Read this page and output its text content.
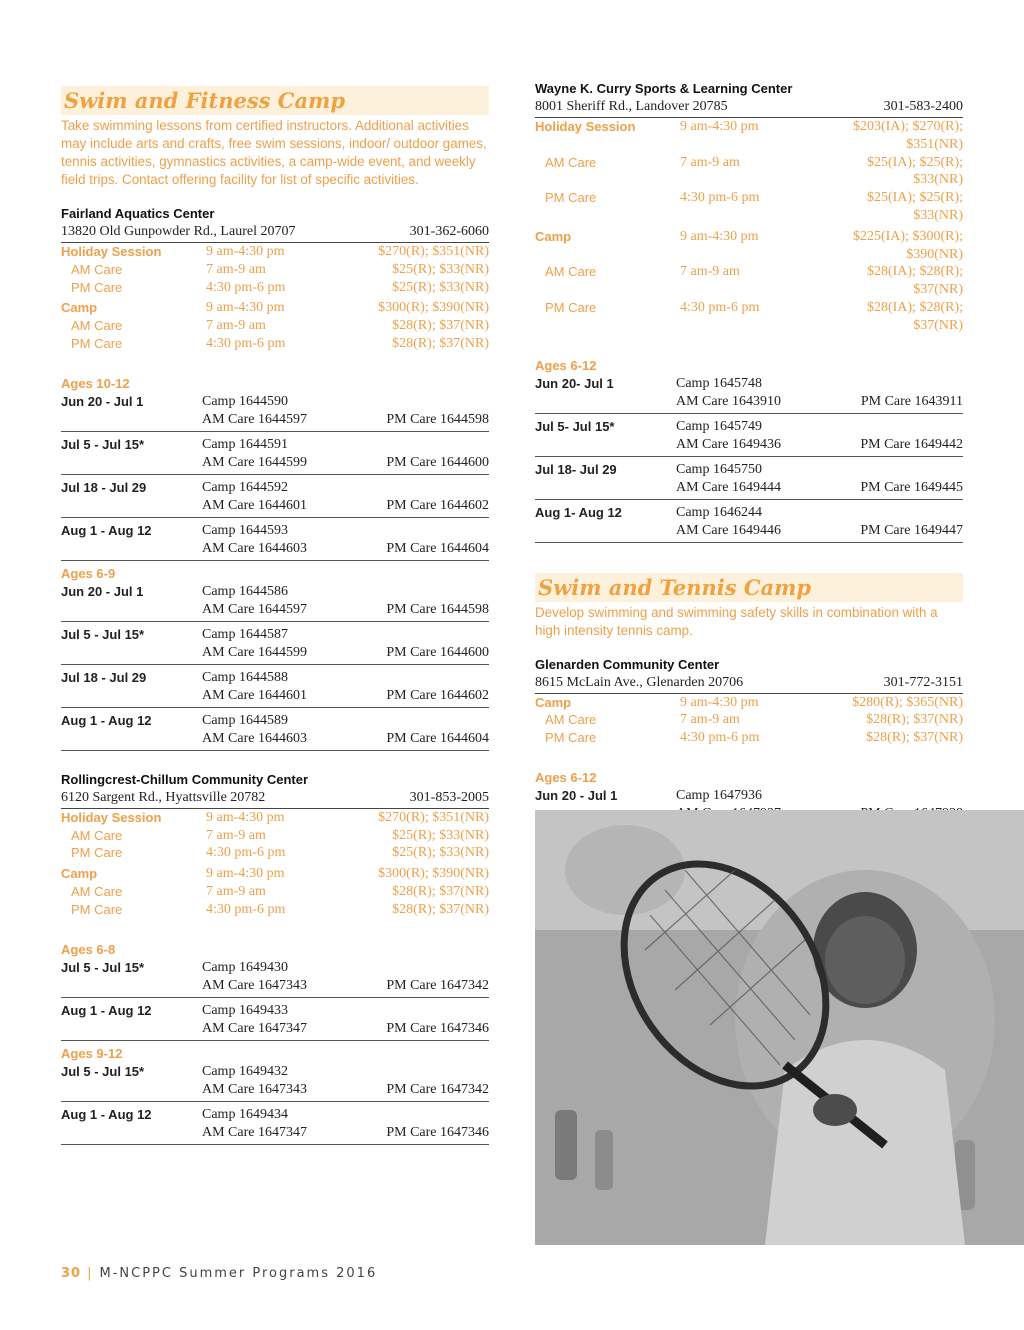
Swim and Fitness Camp
Take swimming lessons from certified instructors. Additional activities may include arts and crafts, free swim sessions, indoor/ outdoor games, tennis activities, gymnastics activities, a camp-wide event, and weekly field trips. Contact offering facility for list of specific activities.
Fairland Aquatics Center
13820 Old Gunpowder Rd., Laurel 20707	301-362-6060
Holiday Session	9 am-4:30 pm	$270(R); $351(NR)
AM Care	7 am-9 am	$25(R); $33(NR)
PM Care	4:30 pm-6 pm	$25(R); $33(NR)
Camp	9 am-4:30 pm	$300(R); $390(NR)
AM Care	7 am-9 am	$28(R); $37(NR)
PM Care	4:30 pm-6 pm	$28(R); $37(NR)
Ages 10-12
Jun 20 - Jul 1	Camp 1644590
AM Care 1644597	PM Care 1644598
Jul 5 - Jul 15*	Camp 1644591
AM Care 1644599	PM Care 1644600
Jul 18 - Jul 29	Camp 1644592
AM Care 1644601	PM Care 1644602
Aug 1 - Aug 12	Camp 1644593
AM Care 1644603	PM Care 1644604
Ages 6-9
Jun 20 - Jul 1	Camp 1644586
AM Care 1644597	PM Care 1644598
Jul 5 - Jul 15*	Camp 1644587
AM Care 1644599	PM Care 1644600
Jul 18 - Jul 29	Camp 1644588
AM Care 1644601	PM Care 1644602
Aug 1 - Aug 12	Camp 1644589
AM Care 1644603	PM Care 1644604
Rollingcrest-Chillum Community Center
6120 Sargent Rd., Hyattsville 20782	301-853-2005
Holiday Session	9 am-4:30 pm	$270(R); $351(NR)
AM Care	7 am-9 am	$25(R); $33(NR)
PM Care	4:30 pm-6 pm	$25(R); $33(NR)
Camp	9 am-4:30 pm	$300(R); $390(NR)
AM Care	7 am-9 am	$28(R); $37(NR)
PM Care	4:30 pm-6 pm	$28(R); $37(NR)
Ages 6-8
Jul 5 - Jul 15*	Camp 1649430
AM Care 1647343	PM Care 1647342
Aug 1 - Aug 12	Camp 1649433
AM Care 1647347	PM Care 1647346
Ages 9-12
Jul 5 - Jul 15*	Camp 1649432
AM Care 1647343	PM Care 1647342
Aug 1 - Aug 12	Camp 1649434
AM Care 1647347	PM Care 1647346
Wayne K. Curry Sports & Learning Center
8001 Sheriff Rd., Landover 20785	301-583-2400
Holiday Session	9 am-4:30 pm	$203(IA); $270(R); $351(NR)
AM Care	7 am-9 am	$25(IA); $25(R); $33(NR)
PM Care	4:30 pm-6 pm	$25(IA); $25(R); $33(NR)
Camp	9 am-4:30 pm	$225(IA); $300(R); $390(NR)
AM Care	7 am-9 am	$28(IA); $28(R); $37(NR)
PM Care	4:30 pm-6 pm	$28(IA); $28(R); $37(NR)
Ages 6-12
Jun 20- Jul 1	Camp 1645748
AM Care 1643910	PM Care 1643911
Jul 5- Jul 15*	Camp 1645749
AM Care 1649436	PM Care 1649442
Jul 18- Jul 29	Camp 1645750
AM Care 1649444	PM Care 1649445
Aug 1- Aug 12	Camp 1646244
AM Care 1649446	PM Care 1649447
Swim and Tennis Camp
Develop swimming and swimming safety skills in combination with a high intensity tennis camp.
Glenarden Community Center
8615 McLain Ave., Glenarden 20706	301-772-3151
Camp	9 am-4:30 pm	$280(R); $365(NR)
AM Care	7 am-9 am	$28(R); $37(NR)
PM Care	4:30 pm-6 pm	$28(R); $37(NR)
Ages 6-12
Jun 20 - Jul 1	Camp 1647936
30 | M-NCPPC Summer Programs 2016
